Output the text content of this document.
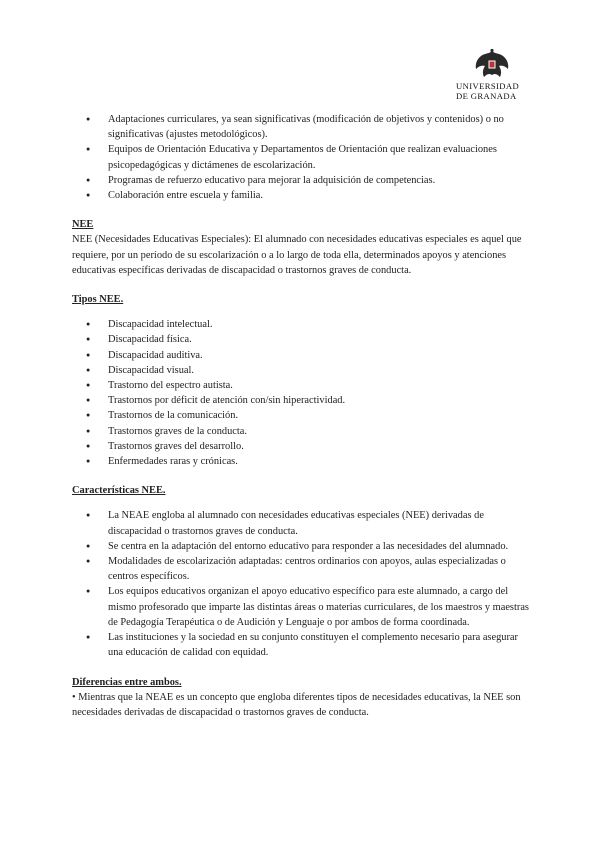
UNIVERSIDAD
DE GRANADA
● Adaptaciones curriculares, ya sean significativas (modificación de objetivos y contenidos) o no significativas (ajustes metodológicos).
● Equipos de Orientación Educativa y Departamentos de Orientación que realizan evaluaciones psicopedagógicas y dictámenes de escolarización.
● Programas de refuerzo educativo para mejorar la adquisición de competencias.
● Colaboración entre escuela y familia.

NEE

NEE (Necesidades Educativas Especiales): El alumnado con necesidades educativas especiales es aquel que requiere, por un período de su escolarización o a lo largo de toda ella, determinados apoyos y atenciones educativas específicas derivadas de discapacidad o trastornos graves de conducta.

Tipos NEE.

● Discapacidad intelectual.
● Discapacidad física.
● Discapacidad auditiva.
● Discapacidad visual.
● Trastorno del espectro autista.
● Trastornos por déficit de atención con/sin hiperactividad.
● Trastornos de la comunicación.
● Trastornos graves de la conducta.
● Trastornos graves del desarrollo.
● Enfermedades raras y crónicas.

Características NEE.

● La NEAE engloba al alumnado con necesidades educativas especiales (NEE) derivadas de discapacidad o trastornos graves de conducta.
● Se centra en la adaptación del entorno educativo para responder a las necesidades del alumnado.
● Modalidades de escolarización adaptadas: centros ordinarios con apoyos, aulas especializadas o centros específicos.
● Los equipos educativos organizan el apoyo educativo específico para este alumnado, a cargo del mismo profesorado que imparte las distintas áreas o materias curriculares, de los maestros y maestras de Pedagogía Terapéutica o de Audición y Lenguaje o por ambos de forma coordinada.
● Las instituciones y la sociedad en su conjunto constituyen el complemento necesario para asegurar una educación de calidad con equidad.

Diferencias entre ambos.

• Mientras que la NEAE es un concepto que engloba diferentes tipos de necesidades educativas, la NEE son necesidades derivadas de discapacidad o trastornos graves de conducta.
